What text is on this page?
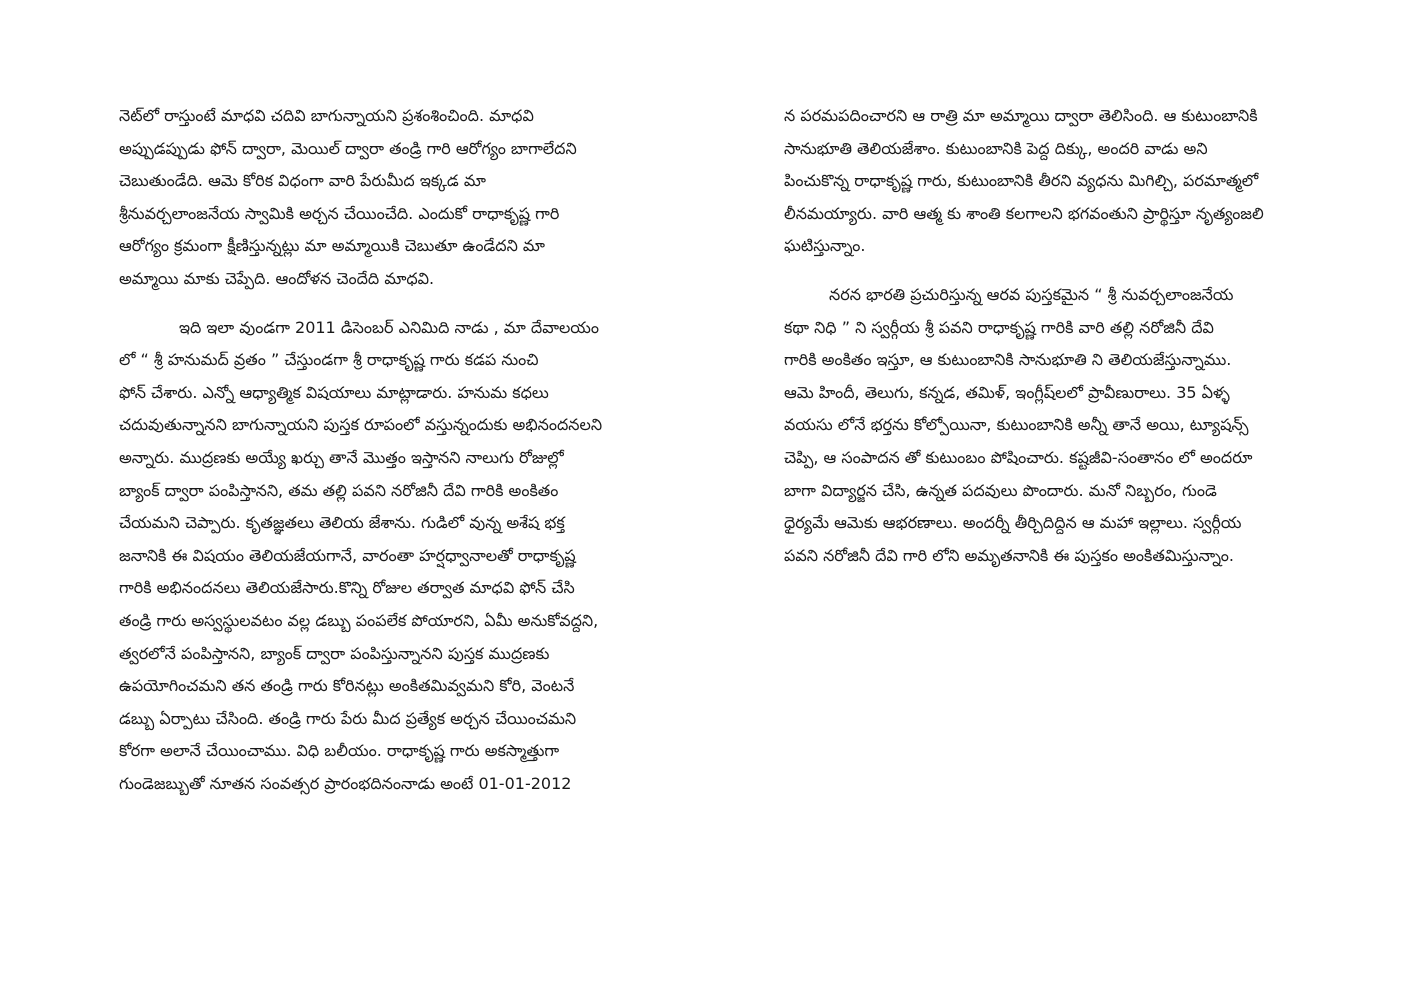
నెట్‌లో రాస్తుంటే మాధవి చదివి బాగున్నాయని ప్రశంశించింది. మాధవి
అప్పుడప్పుడు ఫోన్ ద్వారా, మెయిల్ ద్వారా తండ్రి గారి ఆరోగ్యం బాగాలేదని
చెబుతుండేది. ఆమె కోరిక విధంగా వారి పేరుమీద ఇక్కడ మా
శ్రీనువర్చలాంజనేయ స్వామికి అర్చన చేయించేది. ఎందుకో రాధాకృష్ణ గారి
ఆరోగ్యం క్రమంగా క్షీణిస్తున్నట్లు మా అమ్మాయికి చెబుతూ ఉండేదని మా
అమ్మాయి మాకు చెప్పేది. ఆందోళన చెందేది మాధవి.
ఇది ఇలా వుండగా 2011 డిసెంబర్ ఎనిమిది నాడు , మా దేవాలయం
లో “ శ్రీ హనుమద్ వ్రతం ” చేస్తుండగా శ్రీ రాధాకృష్ణ గారు కడప నుంచి
ఫోన్ చేశారు. ఎన్నో ఆధ్యాత్మిక విషయాలు మాట్లాడారు. హనుమ కధలు
చదువుతున్నానని బాగున్నాయని పుస్తక రూపంలో వస్తున్నందుకు అభినందనలని
అన్నారు. ముద్రణకు అయ్యే ఖర్చు తానే మొత్తం ఇస్తానని నాలుగు రోజుల్లో
బ్యాంక్ ద్వారా పంపిస్తానని, తమ తల్లి పవని నరోజినీ దేవి గారికి అంకితం
చేయమని చెప్పారు. కృతజ్ఞతలు తెలియ జేశాను. గుడిలో వున్న అశేష భక్త
జనానికి ఈ విషయం తెలియజేయగానే, వారంతా హర్షధ్వానాలతో రాధాకృష్ణ
గారికి అభినందనలు తెలియజేసారు.కొన్ని రోజుల తర్వాత మాధవి ఫోన్ చేసి
తండ్రి గారు అస్వస్థులవటం వల్ల డబ్బు పంపలేక పోయారని, ఏమీ అనుకోవద్దని,
త్వరలోనే పంపిస్తానని, బ్యాంక్ ద్వారా పంపిస్తున్నానని పుస్తక ముద్రణకు
ఉపయోగించమని తన తండ్రి గారు కోరినట్లు అంకితమివ్వమని కోరి, వెంటనే
డబ్బు ఏర్పాటు చేసింది. తండ్రి గారు పేరు మీద ప్రత్యేక అర్చన చేయించమని
కోరగా అలానే చేయించాము. విధి బలీయం. రాధాకృష్ణ గారు అకస్మాత్తుగా
గుండెజబ్బుతో నూతన సంవత్సర ప్రారంభదినంనాడు అంటే 01-01-2012
న పరమపదించారని ఆ రాత్రి మా అమ్మాయి ద్వారా తెలిసింది. ఆ కుటుంబానికి
సానుభూతి తెలియజేశాం. కుటుంబానికి పెద్ద దిక్కు, అందరి వాడు అని
పించుకొన్న రాధాకృష్ణ గారు, కుటుంబానికి తీరని వ్యధను మిగిల్చి, పరమాత్మలో
లీనమయ్యారు. వారి ఆత్మ కు శాంతి కలగాలని భగవంతుని ప్రార్థిస్తూ నృత్యంజలి
ఘటిస్తున్నాం.
నరన భారతి ప్రచురిస్తున్న ఆరవ పుస్తకమైన “ శ్రీ నువర్చలాంజనేయ
కథా నిధి ” ని స్వర్గీయ శ్రీ పవని రాధాకృష్ణ గారికి వారి తల్లి నరోజినీ దేవి
గారికి అంకితం ఇస్తూ, ఆ కుటుంబానికి సానుభూతి ని తెలియజేస్తున్నాము.
ఆమె హిందీ, తెలుగు, కన్నడ, తమిళ్, ఇంగ్లీష్‌లలో ప్రావీణురాలు. 35 ఏళ్ళ
వయసు లోనే భర్తను కోల్పోయినా, కుటుంబానికి అన్నీ తానే అయి, ట్యూషన్స్
చెప్పి, ఆ సంపాదన తో కుటుంబం పోషించారు. కష్టజీవి-సంతానం లో అందరూ
బాగా విద్యార్జన చేసి, ఉన్నత పదవులు పొందారు. మనో నిబ్బరం, గుండె
ధైర్యమే ఆమెకు ఆభరణాలు. అందర్నీ తీర్చిదిద్దిన ఆ మహా ఇల్లాలు. స్వర్గీయ
పవని నరోజినీ దేవి గారి లోని అమృతనానికి ఈ పుస్తకం అంకితమిస్తున్నాం.
